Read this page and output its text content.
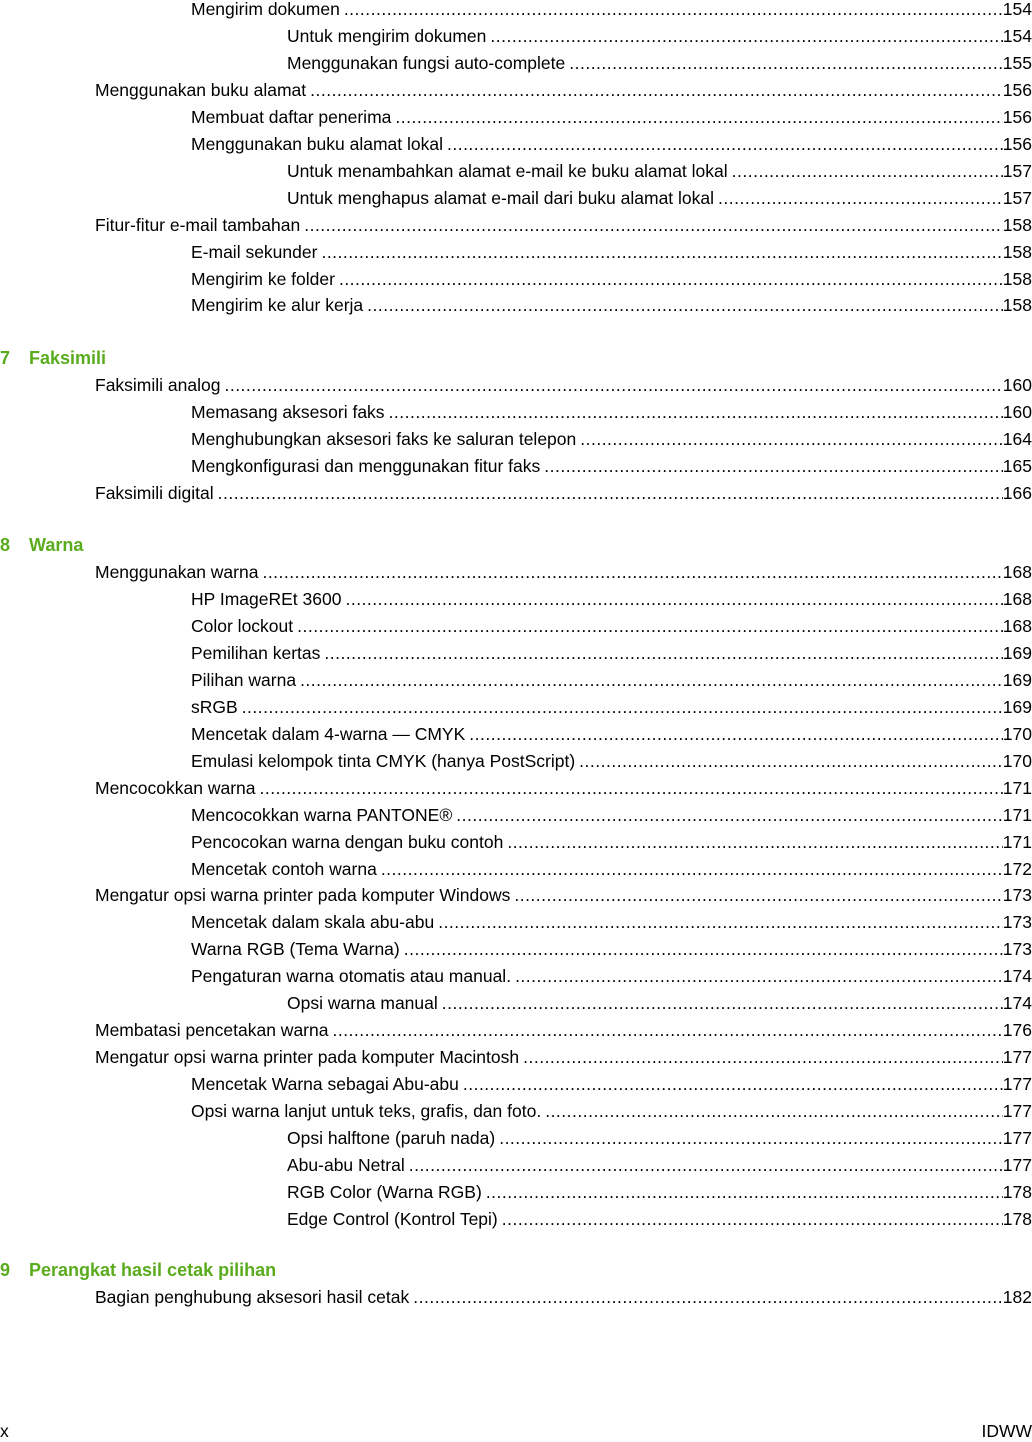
Mengirim dokumen .....	154
Untuk mengirim dokumen .....	154
Menggunakan fungsi auto-complete .....	155
Menggunakan buku alamat .....	156
Membuat daftar penerima .....	156
Menggunakan buku alamat lokal .....	156
Untuk menambahkan alamat e-mail ke buku alamat lokal .....	157
Untuk menghapus alamat e-mail dari buku alamat lokal .....	157
Fitur-fitur e-mail tambahan .....	158
E-mail sekunder .....	158
Mengirim ke folder .....	158
Mengirim ke alur kerja .....	158
7 Faksimili
Faksimili analog .....	160
Memasang aksesori faks .....	160
Menghubungkan aksesori faks ke saluran telepon .....	164
Mengkonfigurasi dan menggunakan fitur faks .....	165
Faksimili digital .....	166
8 Warna
Menggunakan warna .....	168
HP ImageREt 3600 .....	168
Color lockout .....	168
Pemilihan kertas .....	169
Pilihan warna .....	169
sRGB .....	169
Mencetak dalam 4-warna — CMYK .....	170
Emulasi kelompok tinta CMYK (hanya PostScript) .....	170
Mencocokkan warna .....	171
Mencocokkan warna PANTONE® .....	171
Pencocokan warna dengan buku contoh .....	171
Mencetak contoh warna .....	172
Mengatur opsi warna printer pada komputer Windows .....	173
Mencetak dalam skala abu-abu .....	173
Warna RGB (Tema Warna) .....	173
Pengaturan warna otomatis atau manual. .....	174
Opsi warna manual .....	174
Membatasi pencetakan warna .....	176
Mengatur opsi warna printer pada komputer Macintosh .....	177
Mencetak Warna sebagai Abu-abu .....	177
Opsi warna lanjut untuk teks, grafis, dan foto. .....	177
Opsi halftone (paruh nada) .....	177
Abu-abu Netral .....	177
RGB Color (Warna RGB) .....	178
Edge Control (Kontrol Tepi) .....	178
9 Perangkat hasil cetak pilihan
Bagian penghubung aksesori hasil cetak .....	182
x	IDWW
